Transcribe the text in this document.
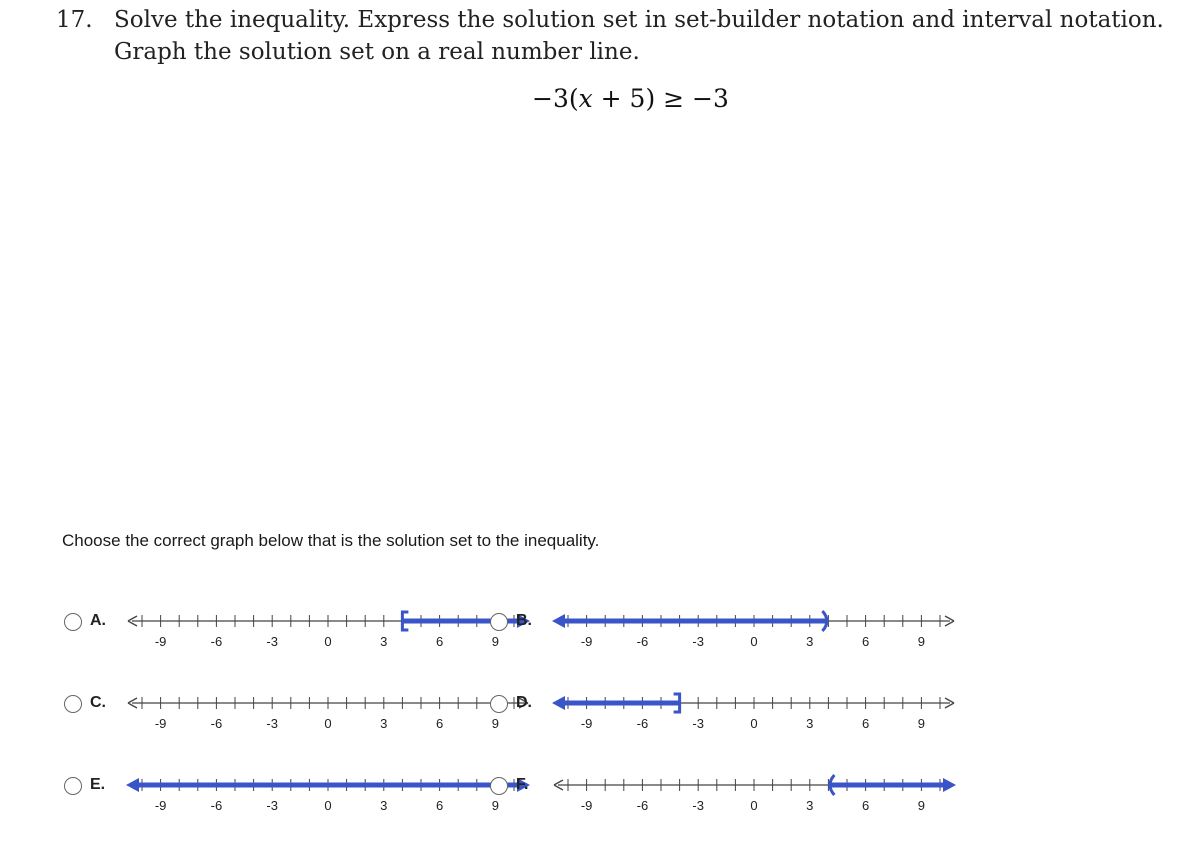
17. Solve the inequality. Express the solution set in set-builder notation and interval notation.
Graph the solution set on a real number line.
−3(x + 5) ≥ −3
Choose the correct graph below that is the solution set to the inequality.
A.
-9	-6	-3	0	3	6	9
B.
-9	-6	-3	0	3	6	9
C.
-9	-6	-3	0	3	6	9
D.
-9	-6	-3	0	3	6	9
E.
-9	-6	-3	0	3	6	9
F.
-9	-6	-3	0	3	6	9
